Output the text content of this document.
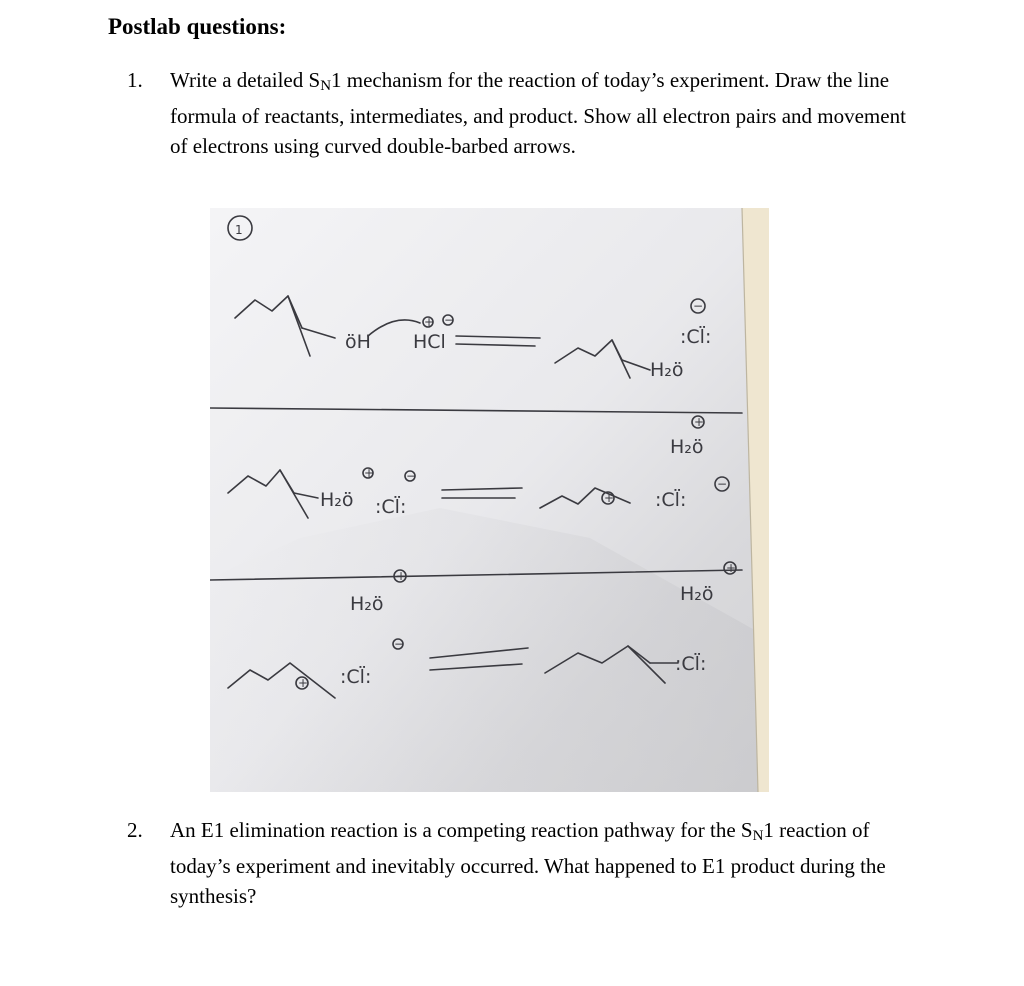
Postlab questions:
1. Write a detailed $S_N1$ mechanism for the reaction of today’s experiment. Draw the line formula of reactants, intermediates, and product. Show all electron pairs and movement of electrons using curved double-barbed arrows.
1
öH HCl
+ −
H₂ö
:Cl̈:
−
H₂ö
+
H₂ö
+
:Cl̈:
−
+ :Cl̈:
−
H₂ö
+
H₂ö
+
+ :Cl̈:
−
:Cl̈:
2. An E1 elimination reaction is a competing reaction pathway for the $S_N1$ reaction of today’s experiment and inevitably occurred. What happened to E1 product during the synthesis?
